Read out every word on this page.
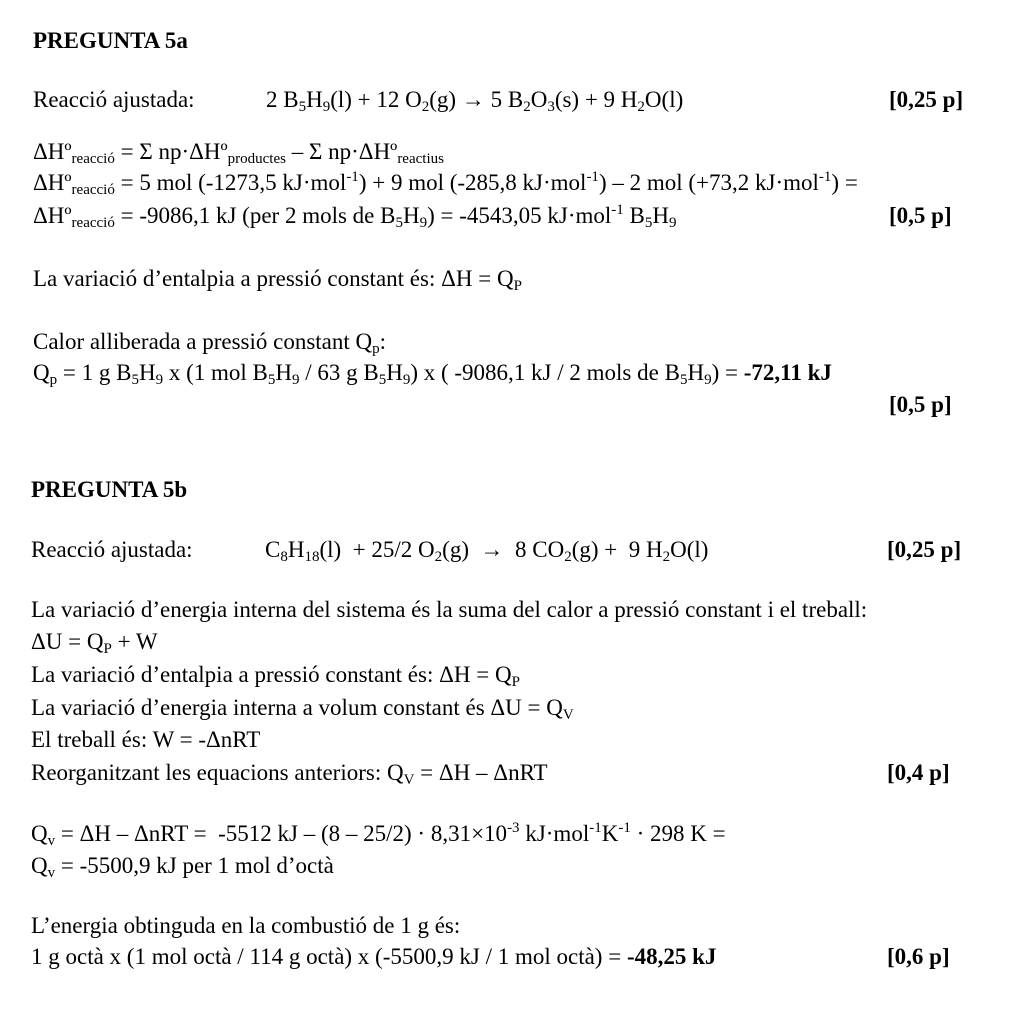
PREGUNTA 5a
Reacció ajustada:	2 $B_5H_9(l) + 12$ $O_2(g) \to 5$ $B_2O_3(s) + 9$ $H_2O(l)$	[0,25 p]
ΔHº$_{reacció}$ = Σ np·ΔHº$_{productes}$ – Σ np·ΔHº$_{reactius}$
ΔHº$_{reacció}$ = 5 mol (-1273,5 kJ·mol$^{-1}$) + 9 mol (-285,8 kJ·mol$^{-1}$) – 2 mol (+73,2 kJ·mol$^{-1}$) =
ΔHº$_{reacció}$ = -9086,1 kJ (per 2 mols de $B_5H_9) = -4543,05$ kJ·mol$^{-1}$ $B_5H_9$	[0,5 p]
La variació d’entalpia a pressió constant és: $\Delta H = Q_P$
Calor alliberada a pressió constant $Q_p$:
$Q_p = 1$ g $B_5H_9$ x (1 mol $B_5H_9 / 63$ g $B_5H_9$) x ( -9086,1 kJ / 2 mols de $B_5H_9) = -72,11$ kJ
[0,5 p]
PREGUNTA 5b
Reacció ajustada:	$C_8H_{18}(l) + 25/2$ $O_2(g) \to 8$ $CO_2(g) + 9$ $H_2O(l)$	[0,25 p]
La variació d’energia interna del sistema és la suma del calor a pressió constant i el treball:
$\Delta U = Q_P + W$
La variació d’entalpia a pressió constant és: $\Delta H = Q_P$
La variació d’energia interna a volum constant és $\Delta U = Q_V$
El treball és: W = -ΔnRT
Reorganitzant les equacions anteriors: $Q_V = \Delta H - \Delta nRT$	[0,4 p]
$Q_v = \Delta H - \Delta nRT = -5512$ kJ – $(8 - 25/2) \cdot 8,31\times 10^{-3}$ $kJ\cdot mol^{-1}K^{-1} \cdot 298$ K =
$Q_v = -5500,9$ kJ per 1 mol d’octà
L’energia obtinguda en la combustió de 1 g és:
1 g octà x (1 mol octà / 114 g octà) x (-5500,9 kJ / 1 mol octà) = -48,25 kJ	[0,6 p]
